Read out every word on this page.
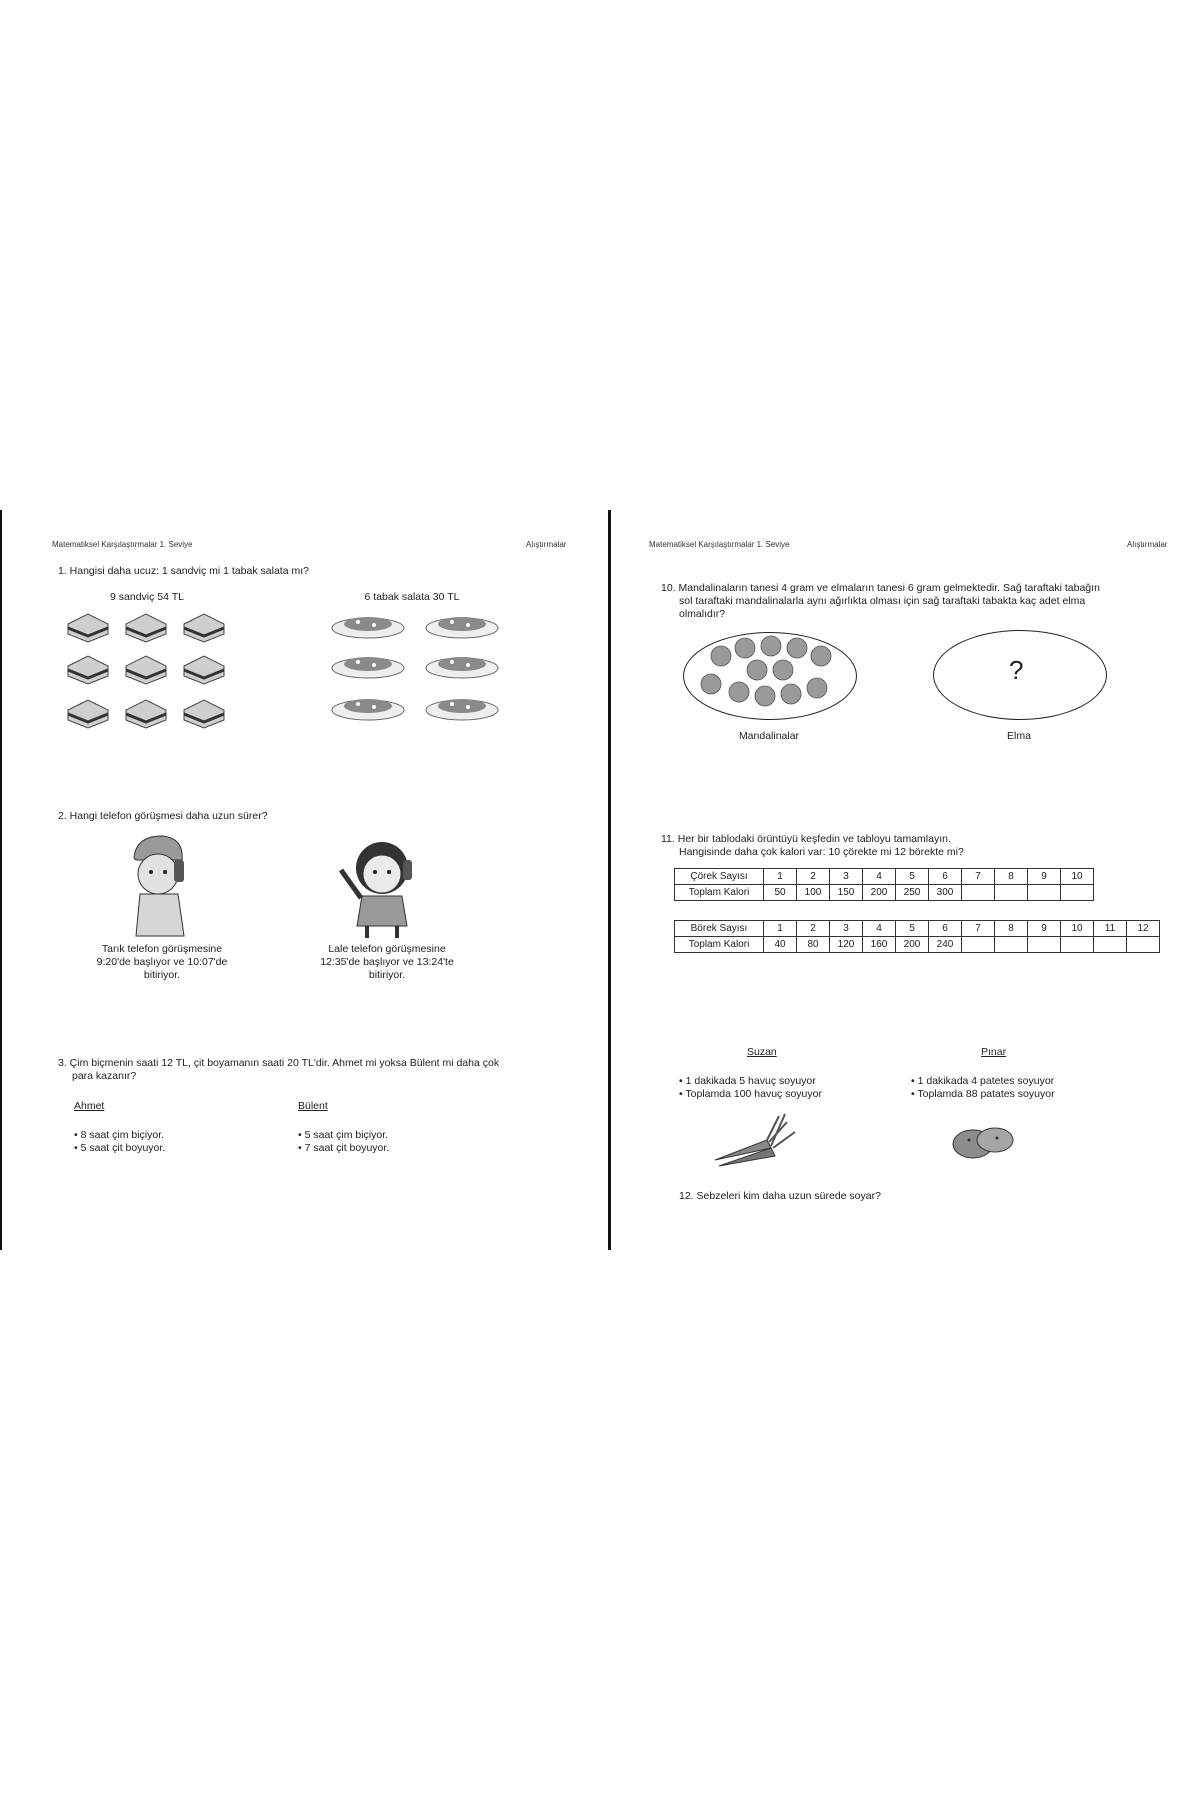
Matematiksel Karşılaştırmalar 1. Seviye	Alıştırmalar
1. Hangisi daha ucuz: 1 sandviç mi 1 tabak salata mı?
9 sandviç 54 TL	6 tabak salata 30 TL
2. Hangi telefon görüşmesi daha uzun sürer?
Tarık telefon görüşmesine
9:20'de başlıyor ve 10:07'de
bitiriyor.
Lale telefon görüşmesine
12:35'de başlıyor ve 13:24'te
bitiriyor.
3. Çim biçmenin saati 12 TL, çit boyamanın saati 20 TL'dir. Ahmet mi yoksa Bülent mi daha çok
para kazanır?
Ahmet	Bülent
• 8 saat çim biçiyor.
• 5 saat çit boyuyor.
• 5 saat çim biçiyor.
• 7 saat çit boyuyor.
Matematiksel Karşılaştırmalar 1. Seviye	Alıştırmalar
10. Mandalinaların tanesi 4 gram ve elmaların tanesi 6 gram gelmektedir. Sağ taraftaki tabağın
sol taraftaki mandalinalarla aynı ağırlıkta olması için sağ taraftaki tabakta kaç adet elma
olmalıdır?
?
Mandalinalar	Elma
11. Her bir tablodaki örüntüyü keşfedin ve tabloyu tamamlayın.
Hangisinde daha çok kalori var: 10 çörekte mi 12 börekte mi?
Çörek Sayısı	1	2	3	4	5	6	7	8	9	10
Toplam Kalori	50	100	150	200	250	300				
Börek Sayısı	1	2	3	4	5	6	7	8	9	10	11	12
Toplam Kalori	40	80	120	160	200	240						
Suzan	Pınar
• 1 dakikada 5 havuç soyuyor
• Toplamda 100 havuç soyuyor
• 1 dakikada 4 patetes soyuyor
• Toplamda 88 patates soyuyor
12. Sebzeleri kim daha uzun sürede soyar?
